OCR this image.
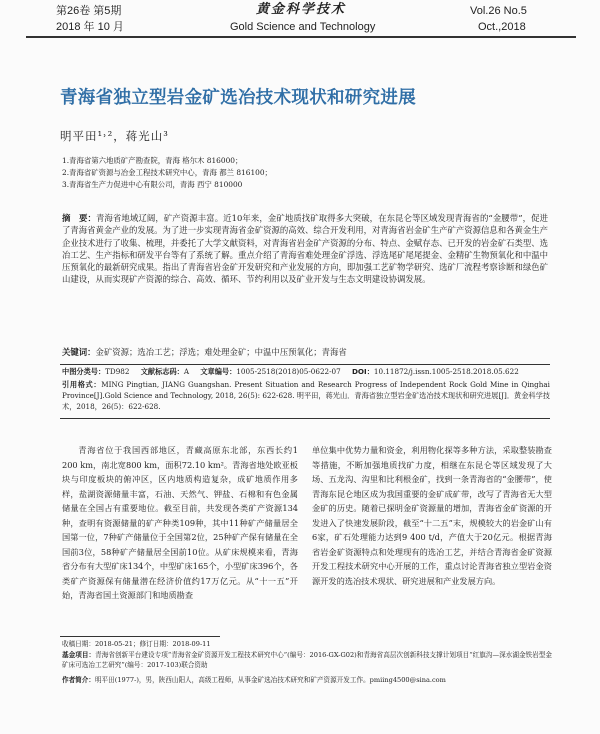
第26卷 第5期
2018 年 10 月
黄金科学技术
Gold Science and Technology
Vol.26 No.5
Oct.,2018
青海省独立型岩金矿选冶技术现状和研究进展
明平田¹˒²，蒋光山³
1.青海省第六地质矿产勘查院，青海 格尔木 816000；
2.青海省矿资源与冶金工程技术研究中心，青海 都兰 816100；
3.青海省生产力促进中心有限公司，青海 西宁 810000
摘　要：青海省地域辽阔，矿产资源丰富。近10年来，金矿地质找矿取得多大突破，在东昆仑等区域发现青海省的“金腰带”，促进了青海省黄金产业的发展。为了进一步实现青海省金矿资源的高效、综合开发利用，对青海省岩金矿生产矿产资源信息和各黄金生产企业技术进行了收集、梳理，并委托了大学文献资料，对青海省岩金矿产资源的分布、特点、金赋存态、已开发的岩金矿石类型、选冶工艺、生产指标和研发平台等有了系统了解。重点介绍了青海省难处理金矿浮选、浮选尾矿尾尾提金、金精矿生物预氧化和中温中压预氧化的最新研究成果。指出了青海省岩金矿开发研究和产业发展的方向，即加强工艺矿物学研究、选矿厂流程考察诊断和绿色矿山建设，从而实现矿产资源的综合、高效、循环、节约利用以及矿业开发与生态文明建设协调发展。
关键词：金矿资源；选冶工艺；浮选；难处理金矿；中温中压预氧化；青海省
中图分类号：TD982 文献标志码：A 文章编号：1005-2518(2018)05-0622-07 DOI：10.11872/j.issn.1005-2518.2018.05.622
引用格式：MING Pingtian, JIANG Guangshan. Present Situation and Research Progress of Independent Rock Gold Mine in Qinghai Province[J].Gold Science and Technology, 2018, 26(5): 622-628. 明平田，蒋光山．青海省独立型岩金矿选冶技术现状和研究进展[J]．黄金科学技术，2018，26(5)：622-628.
青海省位于我国西部地区，青藏高原东北部，东西长约1 200 km，南北宽800 km，面积72.10 km²。青海省地处欧亚板块与印度板块的俯冲区，区内地质构造复杂，成矿地质作用多样，盐湖资源储量丰富，石油、天然气、钾盐、石棉和有色金属储量在全国占有重要地位。截至目前，共发现各类矿产资源134种，查明有资源储量的矿产种类109种，其中11种矿产储量居全国第一位，7种矿产储量位于全国第2位，25种矿产保有储量在全国前3位，58种矿产储量居全国前10位。从矿床规模来看，青海省分布有大型矿床134个，中型矿床165个，小型矿床396个，各类矿产资源保有储量潜在经济价值约17万亿元。从“十一五”开始，青海省国土资源部门和地质勘查
单位集中优势力量和资金，利用物化探等多种方法，采取整装勘查等措施，不断加强地质找矿力度，相继在东昆仑等区域发现了大场、五龙沟、沟里和比利根金矿，找到一条青海省的“金腰带”，使青海东昆仑地区成为我国重要的金矿成矿带，改写了青海省无大型金矿的历史。随着已探明金矿资源量的增加，青海省金矿资源的开发进入了快速发展阶段，截至“十二五”末，规模较大的岩金矿山有6家，矿石处理能力达到9 400 t/d，产值大于20亿元。根据青海省岩金矿资源特点和处理现有的选冶工艺，并结合青海省金矿资源开发工程技术研究中心开展的工作，重点讨论青海省独立型岩金资源开发的选冶技术现状、研究进展和产业发展方向。
收稿日期：2018-05-21；修订日期：2018-09-11
基金项目：青海省创新平台建设专项“青海省金矿资源开发工程技术研究中心”(编号：2016-GX-G02)和青海省高层次创新科技支撑计划项目“红旗沟—深水湖金铁岩型金矿床可选冶工艺研究”(编号：2017-103)联合资助
作者简介：明平田(1977-)，男，陕西山阳人，高级工程师，从事金矿选冶技术研究和矿产资源开发工作。pmiing4500@sina.com
